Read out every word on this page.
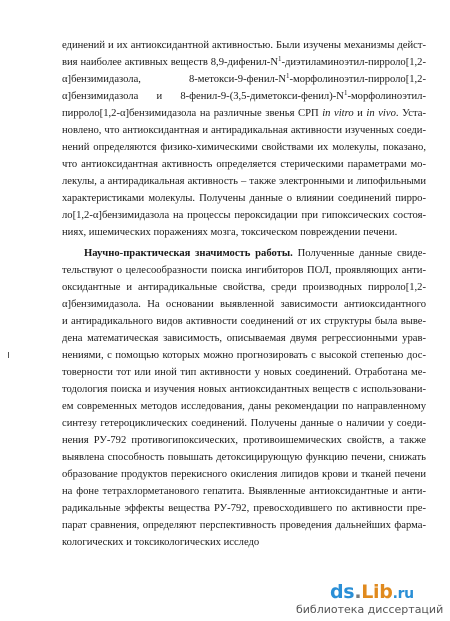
единений и их антиоксидантной активностью. Были изучены механизмы дейст-
вия наиболее активных веществ $8,9-дифенил-N^1-диэтиламиноэтил-пирроло[1,2-$
α]бензимидазола, $8-метокси-9-фенил-N^1-морфолиноэтил-пирроло[1,2-$
α]бензимидазола и $8-фенил-9-(3,5-диметокси-фенил)-N^1-морфолиноэтил-$
пирроло[1,2-α]бензимидазола на различные звенья СРП in vitro и in vivo. Уста-
новлено, что антиоксидантная и антирадикальная активности изученных соеди-
нений определяются физико-химическими свойствами их молекулы, показано,
что антиоксидантная активность определяется стерическими параметрами мо-
лекулы, а антирадикальная активность – также электронными и липофильными
характеристиками молекулы. Получены данные о влиянии соединений пирро-
ло[1,2-α]бензимидазола на процессы пероксидации при гипоксических состоя-
ниях, ишемических поражениях мозга, токсическом повреждении печени.
Научно-практическая значимость работы. Полученные данные свиде-
тельствуют о целесообразности поиска ингибиторов ПОЛ, проявляющих анти-
оксидантные и антирадикальные свойства, среди производных пирроло[1,2-
α]бензимидазола. На основании выявленной зависимости антиоксидантного
и антирадикального видов активности соединений от их структуры была выве-
дена математическая зависимость, описываемая двумя регрессионными урав-
нениями, с помощью которых можно прогнозировать с высокой степенью дос-
товерности тот или иной тип активности у новых соединений. Отработана ме-
тодология поиска и изучения новых антиоксидантных веществ с использовани-
ем современных методов исследования, даны рекомендации по направленному
синтезу гетероциклических соединений. Получены данные о наличии у соеди-
нения РУ-792 противогипоксических, противоишемических свойств, а также
выявлена способность повышать детоксицирующую функцию печени, снижать
образование продуктов перекисного окисления липидов крови и тканей печени
на фоне тетрахлорметанового гепатита. Выявленные антиоксидантные и анти-
радикальные эффекты вещества РУ-792, превосходившего по активности пре-
парат сравнения, определяют перспективность проведения дальнейших фарма-
кологических и токсикологических исследо
ds.Lib.ru
библиотека диссертаций
